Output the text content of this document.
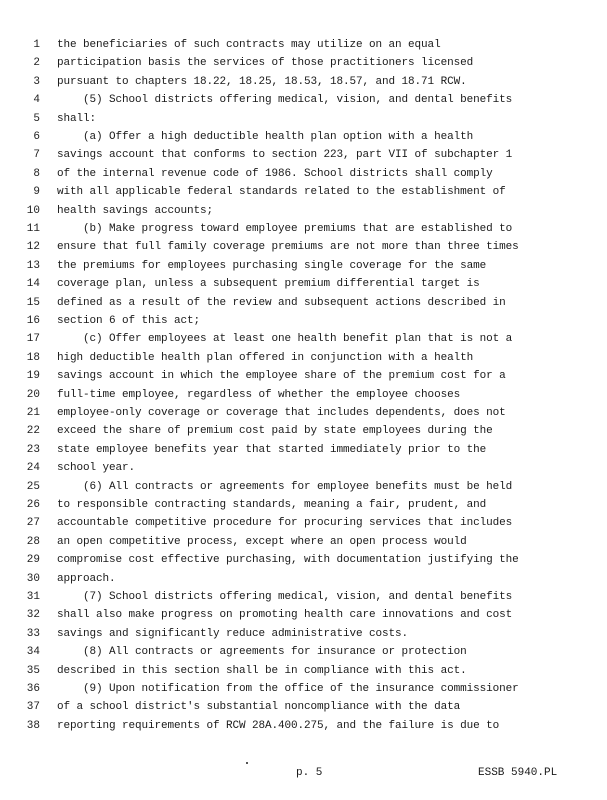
1 the beneficiaries of such contracts may utilize on an equal
2 participation basis the services of those practitioners licensed
3 pursuant to chapters 18.22, 18.25, 18.53, 18.57, and 18.71 RCW.
4 (5) School districts offering medical, vision, and dental benefits
5 shall:
6 (a) Offer a high deductible health plan option with a health
7 savings account that conforms to section 223, part VII of subchapter 1
8 of the internal revenue code of 1986. School districts shall comply
9 with all applicable federal standards related to the establishment of
10 health savings accounts;
11 (b) Make progress toward employee premiums that are established to
12 ensure that full family coverage premiums are not more than three times
13 the premiums for employees purchasing single coverage for the same
14 coverage plan, unless a subsequent premium differential target is
15 defined as a result of the review and subsequent actions described in
16 section 6 of this act;
17 (c) Offer employees at least one health benefit plan that is not a
18 high deductible health plan offered in conjunction with a health
19 savings account in which the employee share of the premium cost for a
20 full-time employee, regardless of whether the employee chooses
21 employee-only coverage or coverage that includes dependents, does not
22 exceed the share of premium cost paid by state employees during the
23 state employee benefits year that started immediately prior to the
24 school year.
25 (6) All contracts or agreements for employee benefits must be held
26 to responsible contracting standards, meaning a fair, prudent, and
27 accountable competitive procedure for procuring services that includes
28 an open competitive process, except where an open process would
29 compromise cost effective purchasing, with documentation justifying the
30 approach.
31 (7) School districts offering medical, vision, and dental benefits
32 shall also make progress on promoting health care innovations and cost
33 savings and significantly reduce administrative costs.
34 (8) All contracts or agreements for insurance or protection
35 described in this section shall be in compliance with this act.
36 (9) Upon notification from the office of the insurance commissioner
37 of a school district's substantial noncompliance with the data
38 reporting requirements of RCW 28A.400.275, and the failure is due to
p. 5	ESSB 5940.PL
